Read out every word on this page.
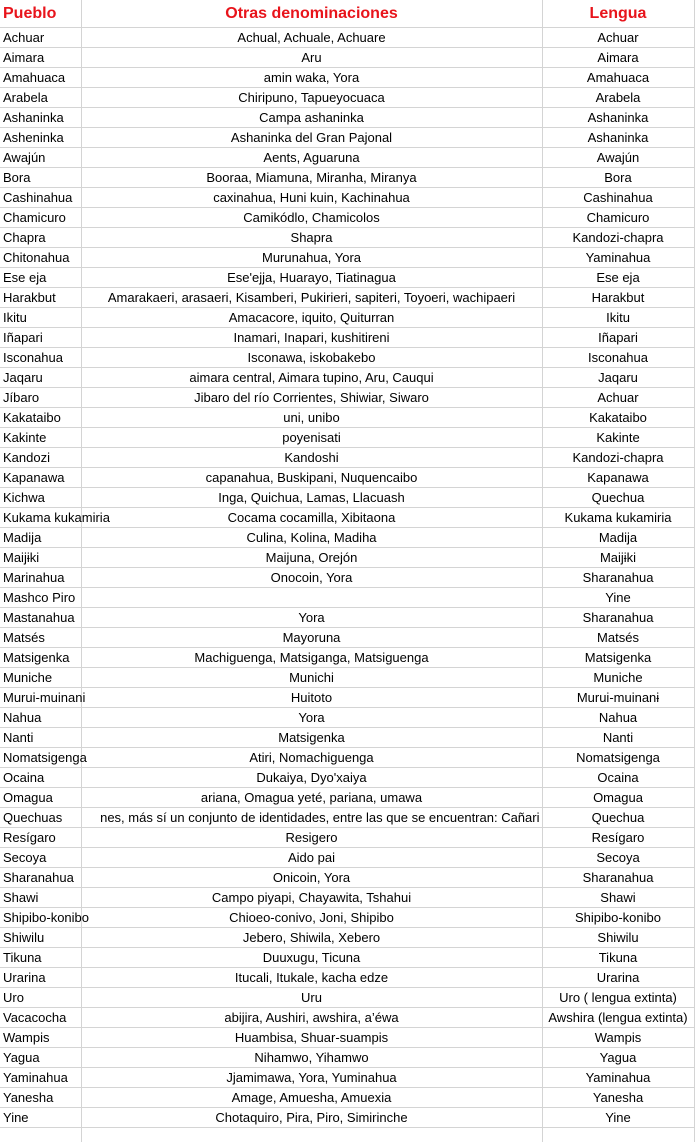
Pueblo	Otras denominaciones	Lengua
Achuar	Achual, Achuale, Achuare	Achuar
Aimara	Aru	Aimara
Amahuaca	amin waka, Yora	Amahuaca
Arabela	Chiripuno, Tapueyocuaca	Arabela
Ashaninka	Campa ashaninka	Ashaninka
Asheninka	Ashaninka del Gran Pajonal	Ashaninka
Awajún	Aents, Aguaruna	Awajún
Bora	Booraa, Miamuna, Miranha, Miranya	Bora
Cashinahua	caxinahua, Huni kuin, Kachinahua	Cashinahua
Chamicuro	Camikódlo, Chamicolos	Chamicuro
Chapra	Shapra	Kandozi-chapra
Chitonahua	Murunahua, Yora	Yaminahua
Ese eja	Ese'ejja, Huarayo, Tiatinagua	Ese eja
Harakbut	Amarakaeri, arasaeri, Kisamberi, Pukirieri, sapiteri, Toyoeri, wachipaeri	Harakbut
Ikitu	Amacacore, iquito, Quiturran	Ikitu
Iñapari	Inamari, Inapari, kushitireni	Iñapari
Isconahua	Isconawa, iskobakebo	Isconahua
Jaqaru	aimara central, Aimara tupino, Aru, Cauqui	Jaqaru
Jíbaro	Jibaro del río Corrientes, Shiwiar, Siwaro	Achuar
Kakataibo	uni, unibo	Kakataibo
Kakinte	poyenisati	Kakinte
Kandozi	Kandoshi	Kandozi-chapra
Kapanawa	capanahua, Buskipani, Nuquencaibo	Kapanawa
Kichwa	Inga, Quichua, Lamas, Llacuash	Quechua
Kukama kukamiria	Cocama cocamilla, Xibitaona	Kukama kukamiria
Madija	Culina, Kolina, Madiha	Madija
Maijɨki	Maijuna, Orejón	Maijɨki
Marinahua	Onocoin, Yora	Sharanahua
Mashco Piro		Yine
Mastanahua	Yora	Sharanahua
Matsés	Mayoruna	Matsés
Matsigenka	Machiguenga, Matsiganga, Matsiguenga	Matsigenka
Muniche	Munichi	Muniche
Murui-muinani	Huitoto	Murui-muinanɨ
Nahua	Yora	Nahua
Nanti	Matsigenka	Nanti
Nomatsigenga	Atiri, Nomachiguenga	Nomatsigenga
Ocaina	Dukaiya, Dyo'xaiya	Ocaina
Omagua	ariana, Omagua yeté, pariana, umawa	Omagua
Quechuas	nes, más sí un conjunto de identidades, entre las que se encuentran: Cañari	Quechua
Resígaro	Resigero	Resígaro
Secoya	Aido pai	Secoya
Sharanahua	Onicoin, Yora	Sharanahua
Shawi	Campo piyapi, Chayawita, Tshahui	Shawi
Shipibo-konibo	Chioeo-conivo, Joni, Shipibo	Shipibo-konibo
Shiwilu	Jebero, Shiwila, Xebero	Shiwilu
Tikuna	Duuxugu, Ticuna	Tikuna
Urarina	Itucali, Itukale, kacha edze	Urarina
Uro	Uru	Uro ( lengua extinta)
Vacacocha	abijira, Aushiri, awshira, a’éwa	Awshira (lengua extinta)
Wampis	Huambisa, Shuar-suampis	Wampis
Yagua	Nihamwo, Yihamwo	Yagua
Yaminahua	Jjamimawa, Yora, Yuminahua	Yaminahua
Yanesha	Amage, Amuesha, Amuexia	Yanesha
Yine	Chotaquiro, Pira, Piro, Simirinche	Yine
